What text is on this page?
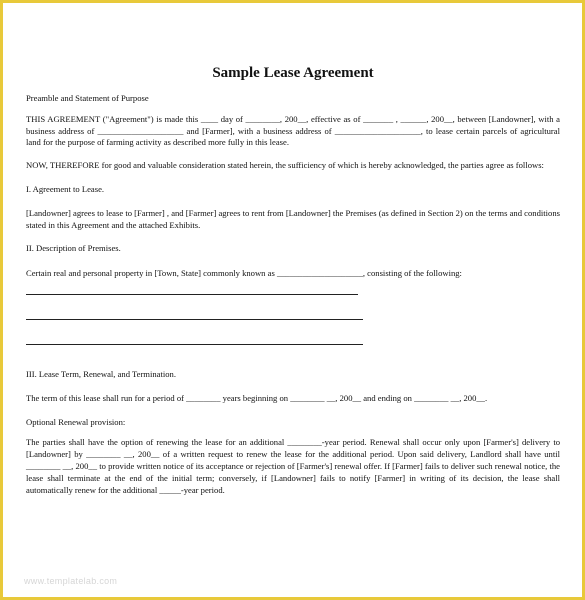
Sample Lease Agreement

Preamble and Statement of Purpose

THIS AGREEMENT ("Agreement") is made this ____ day of ________, 200__, effective as of _______ , ______, 200__, between [Landowner], with a business address of ____________________ and [Farmer], with a business address of ____________________, to lease certain parcels of agricultural land for the purpose of farming activity as described more fully in this lease.

NOW, THEREFORE for good and valuable consideration stated herein, the sufficiency of which is hereby acknowledged, the parties agree as follows:

I. Agreement to Lease.

[Landowner] agrees to lease to [Farmer] , and [Farmer] agrees to rent from [Landowner] the Premises (as defined in Section 2) on the terms and conditions stated in this Agreement and the attached Exhibits.

II. Description of Premises.

Certain real and personal property in [Town, State] commonly known as ____________________, consisting of the following:

III. Lease Term, Renewal, and Termination.

The term of this lease shall run for a period of ________ years beginning on ________ __, 200__ and ending on ________ __, 200__.

Optional Renewal provision:

The parties shall have the option of renewing the lease for an additional ________-year period. Renewal shall occur only upon [Farmer's] delivery to [Landowner] by ________ __, 200__ of a written request to renew the lease for the additional period. Upon said delivery, Landlord shall have until ________ __, 200__ to provide written notice of its acceptance or rejection of [Farmer's] renewal offer. If [Farmer] fails to deliver such renewal notice, the lease shall terminate at the end of the initial term; conversely, if [Landowner] fails to notify [Farmer] in writing of its decision, the lease shall automatically renew for the additional _____-year period.

www.templatelab.com
